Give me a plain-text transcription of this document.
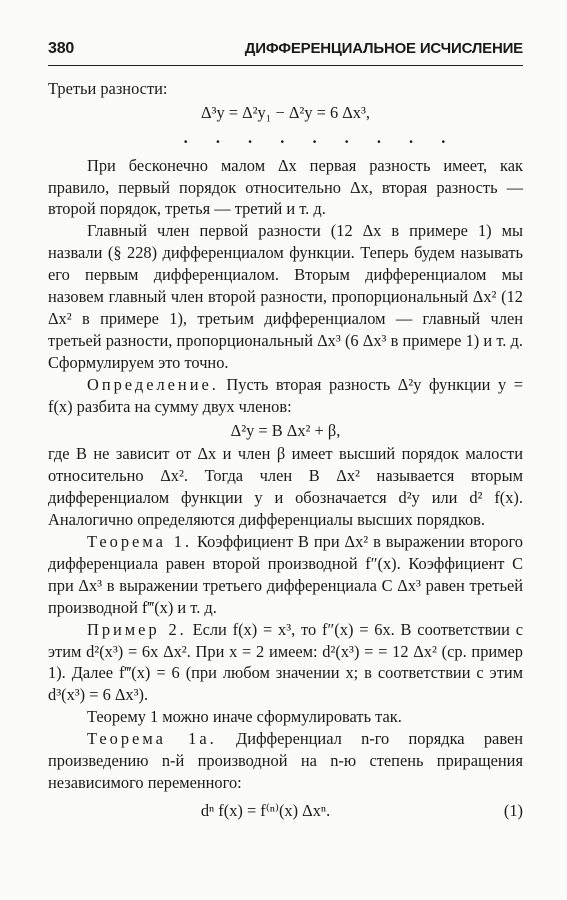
380	ДИФФЕРЕНЦИАЛЬНОЕ ИСЧИСЛЕНИЕ

Третьи разности:

Δ³y = Δ²y₁ − Δ²y = 6 Δx³,

. . . . . . . . .

При бесконечно малом Δx первая разность имеет, как правило, первый порядок относительно Δx, вторая разность — второй порядок, третья — третий и т. д.

Главный член первой разности (12 Δx в примере 1) мы назвали (§ 228) дифференциалом функции. Теперь будем называть его первым дифференциалом. Вторым дифференциалом мы назовем главный член второй разности, пропорциональный Δx² (12 Δx² в примере 1), третьим дифференциалом — главный член третьей разности, пропорциональный Δx³ (6 Δx³ в примере 1) и т. д. Сформулируем это точно.

Определение. Пусть вторая разность Δ²y функции y = f(x) разбита на сумму двух членов:

Δ²y = B Δx² + β,

где B не зависит от Δx и член β имеет высший порядок малости относительно Δx². Тогда член B Δx² называется вторым дифференциалом функции y и обозначается d²y или d² f(x). Аналогично определяются дифференциалы высших порядков.

Теорема 1. Коэффициент B при Δx² в выражении второго дифференциала равен второй производной f″(x). Коэффициент C при Δx³ в выражении третьего дифференциала C Δx³ равен третьей производной f‴(x) и т. д.

Пример 2. Если f(x) = x³, то f″(x) = 6x. В соответствии с этим d²(x³) = 6x Δx². При x = 2 имеем: d²(x³) = = 12 Δx² (ср. пример 1). Далее f‴(x) = 6 (при любом значении x; в соответствии с этим d³(x³) = 6 Δx³).

Теорему 1 можно иначе сформулировать так.

Теорема 1а. Дифференциал n-го порядка равен произведению n-й производной на n-ю степень приращения независимого переменного:

dⁿ f(x) = f⁽ⁿ⁾(x) Δxⁿ.	(1)
